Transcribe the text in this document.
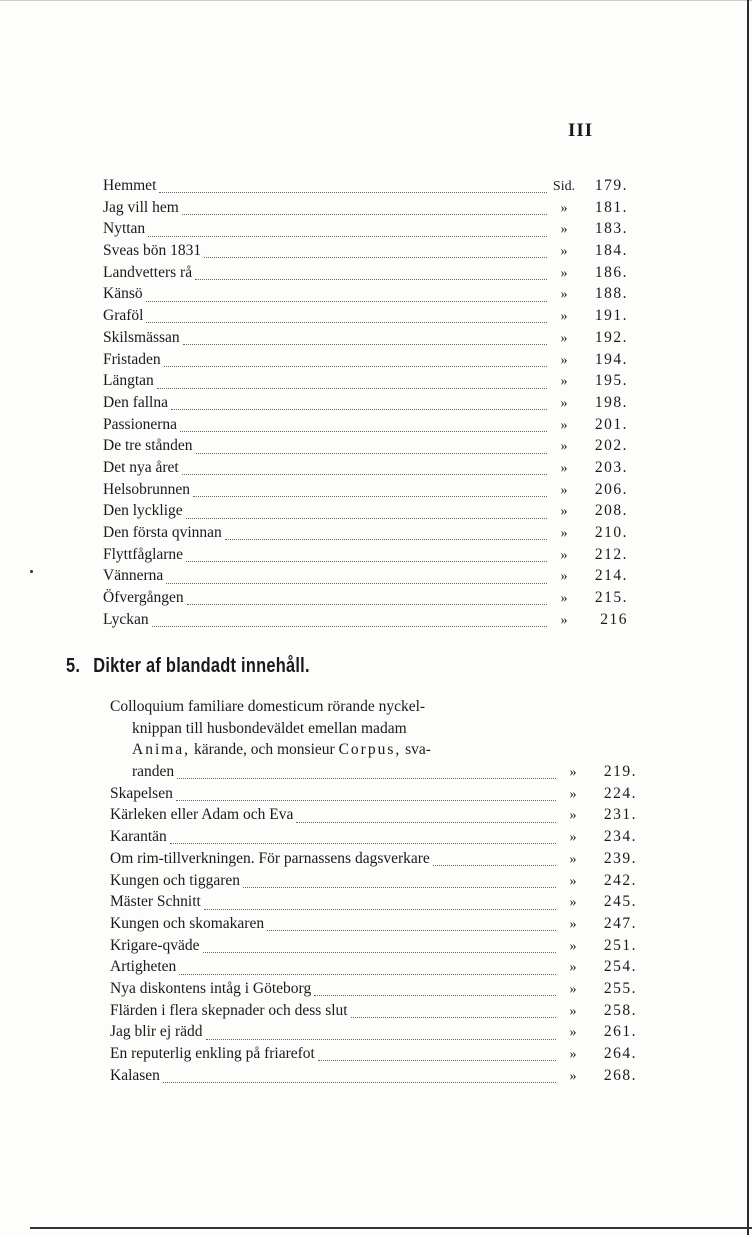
III
Hemmet	Sid.	179.
Jag vill hem	»	181.
Nyttan	»	183.
Sveas bön 1831	»	184.
Landvetters rå	»	186.
Känsö	»	188.
Graföl	»	191.
Skilsmässan	»	192.
Fristaden	»	194.
Längtan	»	195.
Den fallna	»	198.
Passionerna	»	201.
De tre stånden	»	202.
Det nya året	»	203.
Helsobrunnen	»	206.
Den lycklige	»	208.
Den första qvinnan	»	210.
Flyttfåglarne	»	212.
Vännerna	»	214.
Öfvergången	»	215.
Lyckan	»	216
5. Dikter af blandadt innehåll.
Colloquium familiare domesticum rörande nyckel-
knippan till husbondeväldet emellan madam
Anima, kärande, och monsieur Corpus, sva-
randen	»	219.
Skapelsen	»	224.
Kärleken eller Adam och Eva	»	231.
Karantän	»	234.
Om rim-tillverkningen. För parnassens dagsverkare	»	239.
Kungen och tiggaren	»	242.
Mäster Schnitt	»	245.
Kungen och skomakaren	»	247.
Krigare-qväde	»	251.
Artigheten	»	254.
Nya diskontens intåg i Göteborg	»	255.
Flärden i flera skepnader och dess slut	»	258.
Jag blir ej rädd	»	261.
En reputerlig enkling på friarefot	»	264.
Kalasen	»	268.
